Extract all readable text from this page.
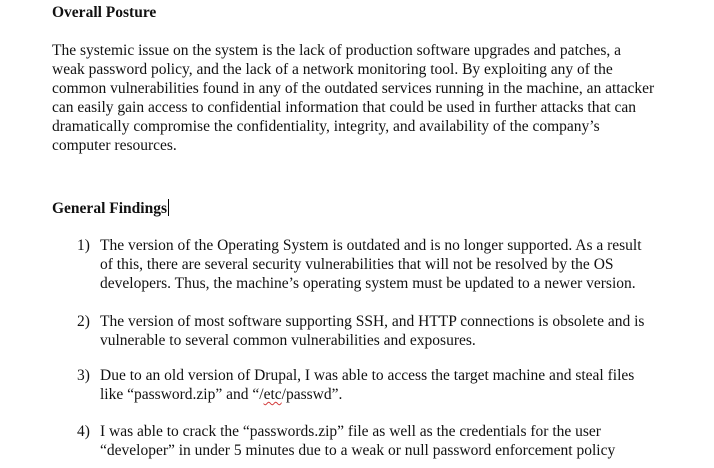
Overall Posture

The systemic issue on the system is the lack of production software upgrades and patches, a
weak password policy, and the lack of a network monitoring tool. By exploiting any of the
common vulnerabilities found in any of the outdated services running in the machine, an attacker
can easily gain access to confidential information that could be used in further attacks that can
dramatically compromise the confidentiality, integrity, and availability of the company’s
computer resources.

General Findings

1) The version of the Operating System is outdated and is no longer supported. As a result
of this, there are several security vulnerabilities that will not be resolved by the OS
developers. Thus, the machine’s operating system must be updated to a newer version.
2) The version of most software supporting SSH, and HTTP connections is obsolete and is
vulnerable to several common vulnerabilities and exposures.
3) Due to an old version of Drupal, I was able to access the target machine and steal files
like “password.zip” and “/etc/passwd”.
4) I was able to crack the “passwords.zip” file as well as the credentials for the user
“developer” in under 5 minutes due to a weak or null password enforcement policy
